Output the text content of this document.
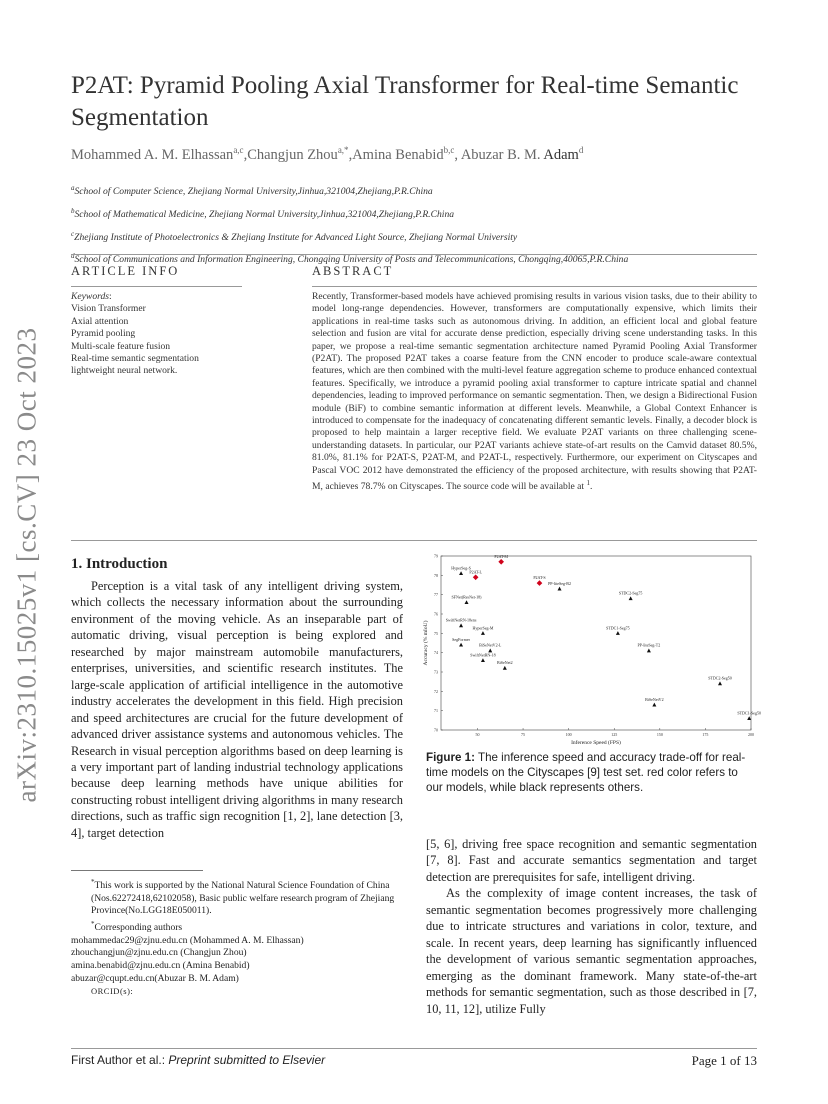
arXiv:2310.15025v1 [cs.CV] 23 Oct 2023
P2AT: Pyramid Pooling Axial Transformer for Real-time Semantic Segmentation
Mohammed A. M. Elhassan$^{a,c}$,Changjun Zhou$^{a,*}$,Amina Benabid$^{b,c}$, Abuzar B. M. Adam$^d$
$^a$School of Computer Science, Zhejiang Normal University,Jinhua,321004,Zhejiang,P.R.China
$^b$School of Mathematical Medicine, Zhejiang Normal University,Jinhua,321004,Zhejiang,P.R.China
$^c$Zhejiang Institute of Photoelectronics & Zhejiang Institute for Advanced Light Source, Zhejiang Normal University
$^d$School of Communications and Information Engineering, Chongqing University of Posts and Telecommunications, Chongqing,40065,P.R.China
ARTICLE INFO
Keywords:
Vision Transformer
Axial attention
Pyramid pooling
Multi-scale feature fusion
Real-time semantic segmentation
lightweight neural network.
ABSTRACT
Recently, Transformer-based models have achieved promising results in various vision tasks, due to their ability to model long-range dependencies. However, transformers are computationally expensive, which limits their applications in real-time tasks such as autonomous driving. In addition, an efficient local and global feature selection and fusion are vital for accurate dense prediction, especially driving scene understanding tasks. In this paper, we propose a real-time semantic segmentation architecture named Pyramid Pooling Axial Transformer (P2AT). The proposed P2AT takes a coarse feature from the CNN encoder to produce scale-aware contextual features, which are then combined with the multi-level feature aggregation scheme to produce enhanced contextual features. Specifically, we introduce a pyramid pooling axial transformer to capture intricate spatial and channel dependencies, leading to improved performance on semantic segmentation. Then, we design a Bidirectional Fusion module (BiF) to combine semantic information at different levels. Meanwhile, a Global Context Enhancer is introduced to compensate for the inadequacy of concatenating different semantic levels. Finally, a decoder block is proposed to help maintain a larger receptive field. We evaluate P2AT variants on three challenging scene-understanding datasets. In particular, our P2AT variants achieve state-of-art results on the Camvid dataset 80.5%, 81.0%, 81.1% for P2AT-S, P2AT-M, and P2AT-L, respectively. Furthermore, our experiment on Cityscapes and Pascal VOC 2012 have demonstrated the efficiency of the proposed architecture, with results showing that P2AT-M, achieves 78.7% on Cityscapes. The source code will be available at $^1$.
1. Introduction

Perception is a vital task of any intelligent driving system, which collects the necessary information about the surrounding environment of the moving vehicle. As an inseparable part of automatic driving, visual perception is being explored and researched by major mainstream automobile manufacturers, enterprises, universities, and scientific research institutes. The large-scale application of artificial intelligence in the automotive industry accelerates the development in this field. High precision and speed architectures are crucial for the future development of advanced driver assistance systems and autonomous vehicles. The Research in visual perception algorithms based on deep learning is a very important part of landing industrial technology applications because deep learning methods have unique abilities for constructing robust intelligent driving algorithms in many research directions, such as traffic sign recognition [1, 2], lane detection [3, 4], target detection

*This work is supported by the National Natural Science Foundation of China (Nos.62272418,62102058), Basic public welfare research program of Zhejiang Province(No.LGG18E050011).
*Corresponding authors
mohammedac29@zjnu.edu.cn (Mohammed A. M. Elhassan)
zhouchangjun@zjnu.edu.cn (Changjun Zhou)
amina.benabid@zjnu.edu.cn (Amina Benabid)
abuzar@cqupt.edu.cn(Abuzar B. M. Adam)
ORCID(s):
70
71
72
73
74
75
76
77
78
79
50	75	100	125	150	175	200
P2AT-M
P2AT-L
P2AT-S
HyperSeg-S
PP-liteSeg-B2
SFNet(ResNet-18)
STDC2-Seg75
SwiftNetRN-18ens
SegFormer
HyperSeg-M
BiSeNetV2-L
STDC1-Seg75
SwiftNetRN-18
PP-liteSeg-T2
BiSeNet2
STDC2-Seg50
BiSeNetV2
STDC1-Seg50
Inference Speed (FPS)
Accuracy (% mIoU)
Figure 1: The inference speed and accuracy trade-off for real-time models on the Cityscapes [9] test set. red color refers to our models, while black represents others.

[5, 6], driving free space recognition and semantic segmentation [7, 8]. Fast and accurate semantics segmentation and target detection are prerequisites for safe, intelligent driving.

As the complexity of image content increases, the task of semantic segmentation becomes progressively more challenging due to intricate structures and variations in color, texture, and scale. In recent years, deep learning has significantly influenced the development of various semantic segmentation approaches, emerging as the dominant framework. Many state-of-the-art methods for semantic segmentation, such as those described in [7, 10, 11, 12], utilize Fully

First Author et al.: Preprint submitted to Elsevier	Page 1 of 13
